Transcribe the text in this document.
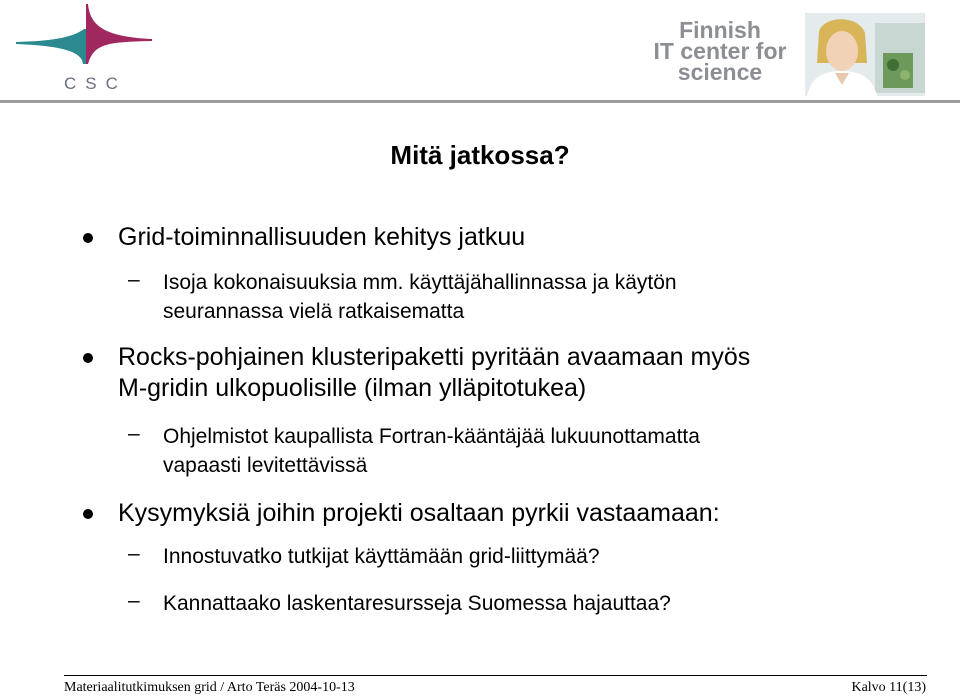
CSC
Finnish
IT center for
science
Mitä jatkossa?
Grid-toiminnallisuuden kehitys jatkuu
– Isoja kokonaisuuksia mm. käyttäjähallinnassa ja käytön
seurannassa vielä ratkaisematta
Rocks-pohjainen klusteripaketti pyritään avaamaan myös
M-gridin ulkopuolisille (ilman ylläpitotukea)
– Ohjelmistot kaupallista Fortran-kääntäjää lukuunottamatta
vapaasti levitettävissä
Kysymyksiä joihin projekti osaltaan pyrkii vastaamaan:
– Innostuvatko tutkijat käyttämään grid-liittymää?
– Kannattaako laskentaresursseja Suomessa hajauttaa?
Materiaalitutkimuksen grid / Arto Teräs 2004-10-13	Kalvo 11(13)
